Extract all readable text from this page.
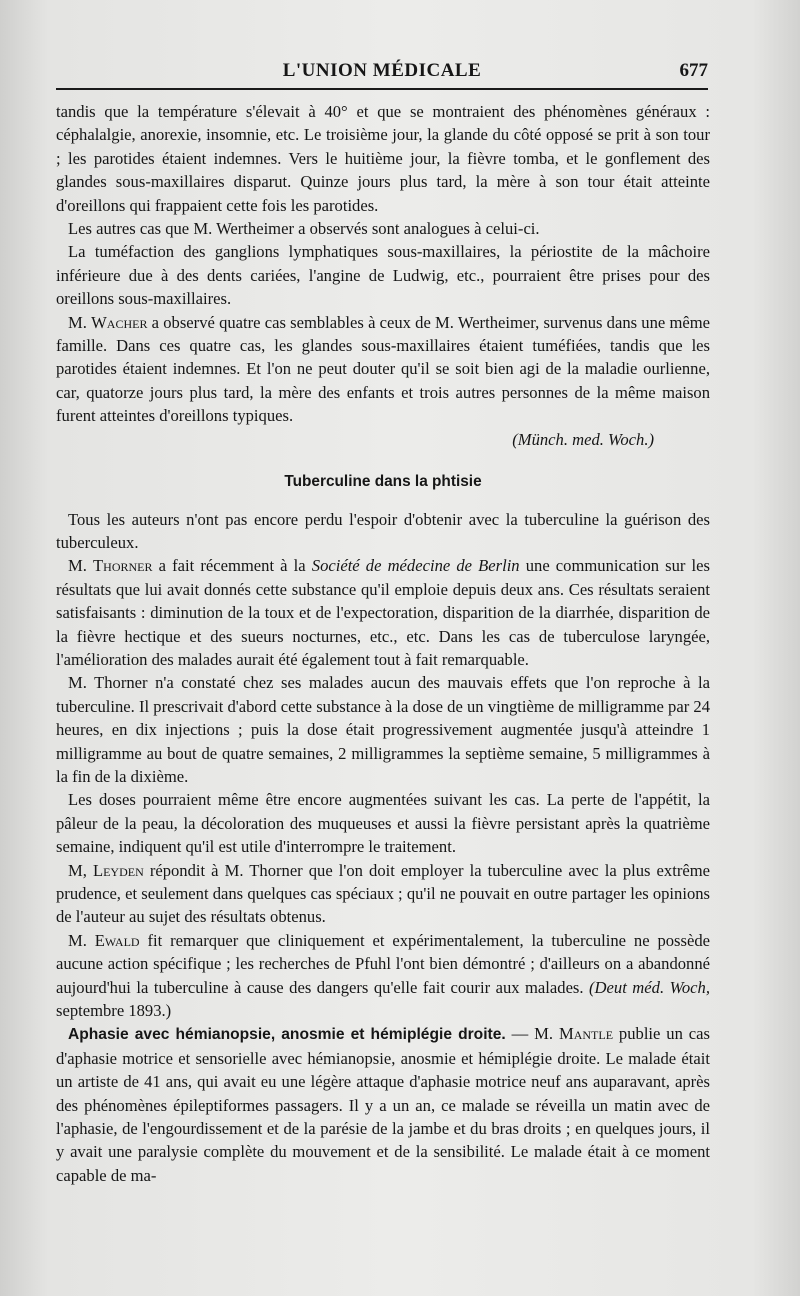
L'UNION MÉDICALE	677

tandis que la température s'élevait à 40° et que se montraient des phénomènes généraux : céphalalgie, anorexie, insomnie, etc. Le troisième jour, la glande du côté opposé se prit à son tour ; les parotides étaient indemnes. Vers le huitième jour, la fièvre tomba, et le gonflement des glandes sous-maxillaires disparut. Quinze jours plus tard, la mère à son tour était atteinte d'oreillons qui frappaient cette fois les parotides.

Les autres cas que M. Wertheimer a observés sont analogues à celui-ci.

La tuméfaction des ganglions lymphatiques sous-maxillaires, la périostite de la mâchoire inférieure due à des dents cariées, l'angine de Ludwig, etc., pourraient être prises pour des oreillons sous-maxillaires.

M. Wacher a observé quatre cas semblables à ceux de M. Wertheimer, survenus dans une même famille. Dans ces quatre cas, les glandes sous-maxillaires étaient tuméfiées, tandis que les parotides étaient indemnes. Et l'on ne peut douter qu'il se soit bien agi de la maladie ourlienne, car, quatorze jours plus tard, la mère des enfants et trois autres personnes de la même maison furent atteintes d'oreillons typiques.

(Münch. med. Woch.)

Tuberculine dans la phtisie

Tous les auteurs n'ont pas encore perdu l'espoir d'obtenir avec la tuberculine la guérison des tuberculeux.

M. Thorner a fait récemment à la Société de médecine de Berlin une communication sur les résultats que lui avait donnés cette substance qu'il emploie depuis deux ans. Ces résultats seraient satisfaisants : diminution de la toux et de l'expectoration, disparition de la diarrhée, disparition de la fièvre hectique et des sueurs nocturnes, etc., etc. Dans les cas de tuberculose laryngée, l'amélioration des malades aurait été également tout à fait remarquable.

M. Thorner n'a constaté chez ses malades aucun des mauvais effets que l'on reproche à la tuberculine. Il prescrivait d'abord cette substance à la dose de un vingtième de milligramme par 24 heures, en dix injections ; puis la dose était progressivement augmentée jusqu'à atteindre 1 milligramme au bout de quatre semaines, 2 milligrammes la septième semaine, 5 milligrammes à la fin de la dixième.

Les doses pourraient même être encore augmentées suivant les cas. La perte de l'appétit, la pâleur de la peau, la décoloration des muqueuses et aussi la fièvre persistant après la quatrième semaine, indiquent qu'il est utile d'interrompre le traitement.

M, Leyden répondit à M. Thorner que l'on doit employer la tuberculine avec la plus extrême prudence, et seulement dans quelques cas spéciaux ; qu'il ne pouvait en outre partager les opinions de l'auteur au sujet des résultats obtenus.

M. Ewald fit remarquer que cliniquement et expérimentalement, la tuberculine ne possède aucune action spécifique ; les recherches de Pfuhl l'ont bien démontré ; d'ailleurs on a abandonné aujourd'hui la tuberculine à cause des dangers qu'elle fait courir aux malades. (Deut méd. Woch, septembre 1893.)

Aphasie avec hémianopsie, anosmie et hémiplégie droite. — M. Mantle publie un cas d'aphasie motrice et sensorielle avec hémianopsie, anosmie et hémiplégie droite. Le malade était un artiste de 41 ans, qui avait eu une légère attaque d'aphasie motrice neuf ans auparavant, après des phénomènes épileptiformes passagers. Il y a un an, ce malade se réveilla un matin avec de l'aphasie, de l'engourdissement et de la parésie de la jambe et du bras droits ; en quelques jours, il y avait une paralysie complète du mouvement et de la sensibilité. Le malade était à ce moment capable de ma-
